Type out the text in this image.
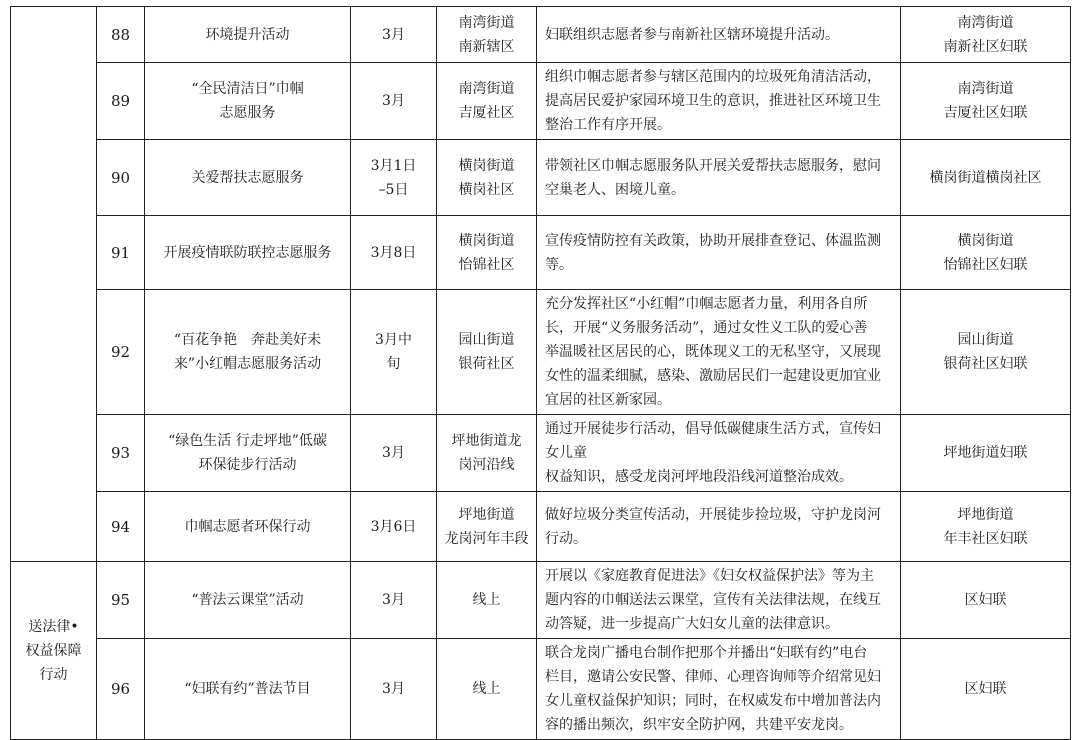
	88	环境提升活动	3月	南湾街道
南新辖区	妇联组织志愿者参与南新社区辖环境提升活动。	南湾街道
南新社区妇联

	89	“全民清洁日”巾帼
志愿服务	3月	南湾街道
吉厦社区	组织巾帼志愿者参与辖区范围内的垃圾死角清洁活动，
提高居民爱护家园环境卫生的意识，推进社区环境卫生
整治工作有序开展。	南湾街道
吉厦社区妇联

	90	关爱帮扶志愿服务	3月1日
–5日	横岗街道
横岗社区	带领社区巾帼志愿服务队开展关爱帮扶志愿服务，慰问
空巢老人、困境儿童。	横岗街道横岗社区

	91	开展疫情联防联控志愿服务	3月8日	横岗街道
怡锦社区	宣传疫情防控有关政策，协助开展排查登记、体温监测
等。	横岗街道
怡锦社区妇联

	92	“百花争艳　奔赴美好未
来”小红帽志愿服务活动	3月中
旬	园山街道
银荷社区	充分发挥社区“小红帽”巾帼志愿者力量，利用各自所
长，开展“义务服务活动”，通过女性义工队的爱心善
举温暖社区居民的心，既体现义工的无私坚守，又展现
女性的温柔细腻，感染、激励居民们一起建设更加宜业
宜居的社区新家园。	园山街道
银荷社区妇联

	93	“绿色生活 行走坪地”低碳
环保徒步行活动	3月	坪地街道龙
岗河沿线	通过开展徒步行活动，倡导低碳健康生活方式，宣传妇女儿童
权益知识，感受龙岗河坪地段沿线河道整治成效。	坪地街道妇联

	94	巾帼志愿者环保行动	3月6日	坪地街道
龙岗河年丰段	做好垃圾分类宣传活动，开展徒步捡垃圾，守护龙岗河
行动。	坪地街道
年丰社区妇联

送法律•
权益保障
行动	95	“普法云课堂”活动	3月	线上	开展以《家庭教育促进法》《妇女权益保护法》等为主
题内容的巾帼送法云课堂，宣传有关法律法规，在线互
动答疑，进一步提高广大妇女儿童的法律意识。	区妇联

	96	“妇联有约”普法节目	3月	线上	联合龙岗广播电台制作把那个并播出“妇联有约”电台
栏目，邀请公安民警、律师、心理咨询师等介绍常见妇
女儿童权益保护知识；同时，在权威发布中增加普法内
容的播出频次，织牢安全防护网，共建平安龙岗。	区妇联
